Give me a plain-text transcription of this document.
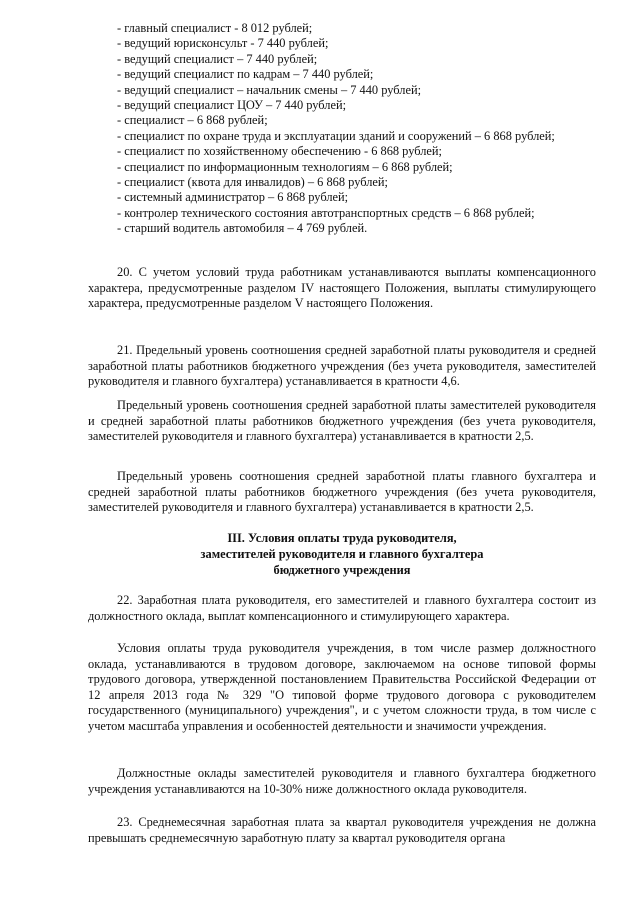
- главный специалист - 8 012 рублей;
- ведущий юрисконсульт - 7 440 рублей;
- ведущий специалист – 7 440 рублей;
- ведущий специалист по кадрам – 7 440 рублей;
- ведущий специалист – начальник смены – 7 440 рублей;
- ведущий специалист ЦОУ – 7 440 рублей;
- специалист – 6 868 рублей;
- специалист по охране труда и эксплуатации зданий и сооружений – 6 868 рублей;
- специалист по хозяйственному обеспечению - 6 868 рублей;
- специалист по информационным технологиям – 6 868 рублей;
- специалист (квота для инвалидов) – 6 868 рублей;
- системный администратор – 6 868 рублей;
- контролер технического состояния автотранспортных средств – 6 868 рублей;
- старший водитель автомобиля – 4 769 рублей.

20. С учетом условий труда работникам устанавливаются выплаты компенсационного характера, предусмотренные разделом IV настоящего Положения, выплаты стимулирующего характера, предусмотренные разделом V настоящего Положения.

21. Предельный уровень соотношения средней заработной платы руководителя и средней заработной платы работников бюджетного учреждения (без учета руководителя, заместителей руководителя и главного бухгалтера) устанавливается в кратности 4,6.

Предельный уровень соотношения средней заработной платы заместителей руководителя и средней заработной платы работников бюджетного учреждения (без учета руководителя, заместителей руководителя и главного бухгалтера) устанавливается в кратности 2,5.

Предельный уровень соотношения средней заработной платы главного бухгалтера и средней заработной платы работников бюджетного учреждения (без учета руководителя, заместителей руководителя и главного бухгалтера) устанавливается в кратности 2,5.

III. Условия оплаты труда руководителя,
заместителей руководителя и главного бухгалтера
бюджетного учреждения

22. Заработная плата руководителя, его заместителей и главного бухгалтера состоит из должностного оклада, выплат компенсационного и стимулирующего характера.

Условия оплаты труда руководителя учреждения, в том числе размер должностного оклада, устанавливаются в трудовом договоре, заключаемом на основе типовой формы трудового договора, утвержденной постановлением Правительства Российской Федерации от 12 апреля 2013 года № 329 "О типовой форме трудового договора с руководителем государственного (муниципального) учреждения", и с учетом сложности труда, в том числе с учетом масштаба управления и особенностей деятельности и значимости учреждения.

Должностные оклады заместителей руководителя и главного бухгалтера бюджетного учреждения устанавливаются на 10-30% ниже должностного оклада руководителя.

23. Среднемесячная заработная плата за квартал руководителя учреждения не должна превышать среднемесячную заработную плату за квартал руководителя органа
